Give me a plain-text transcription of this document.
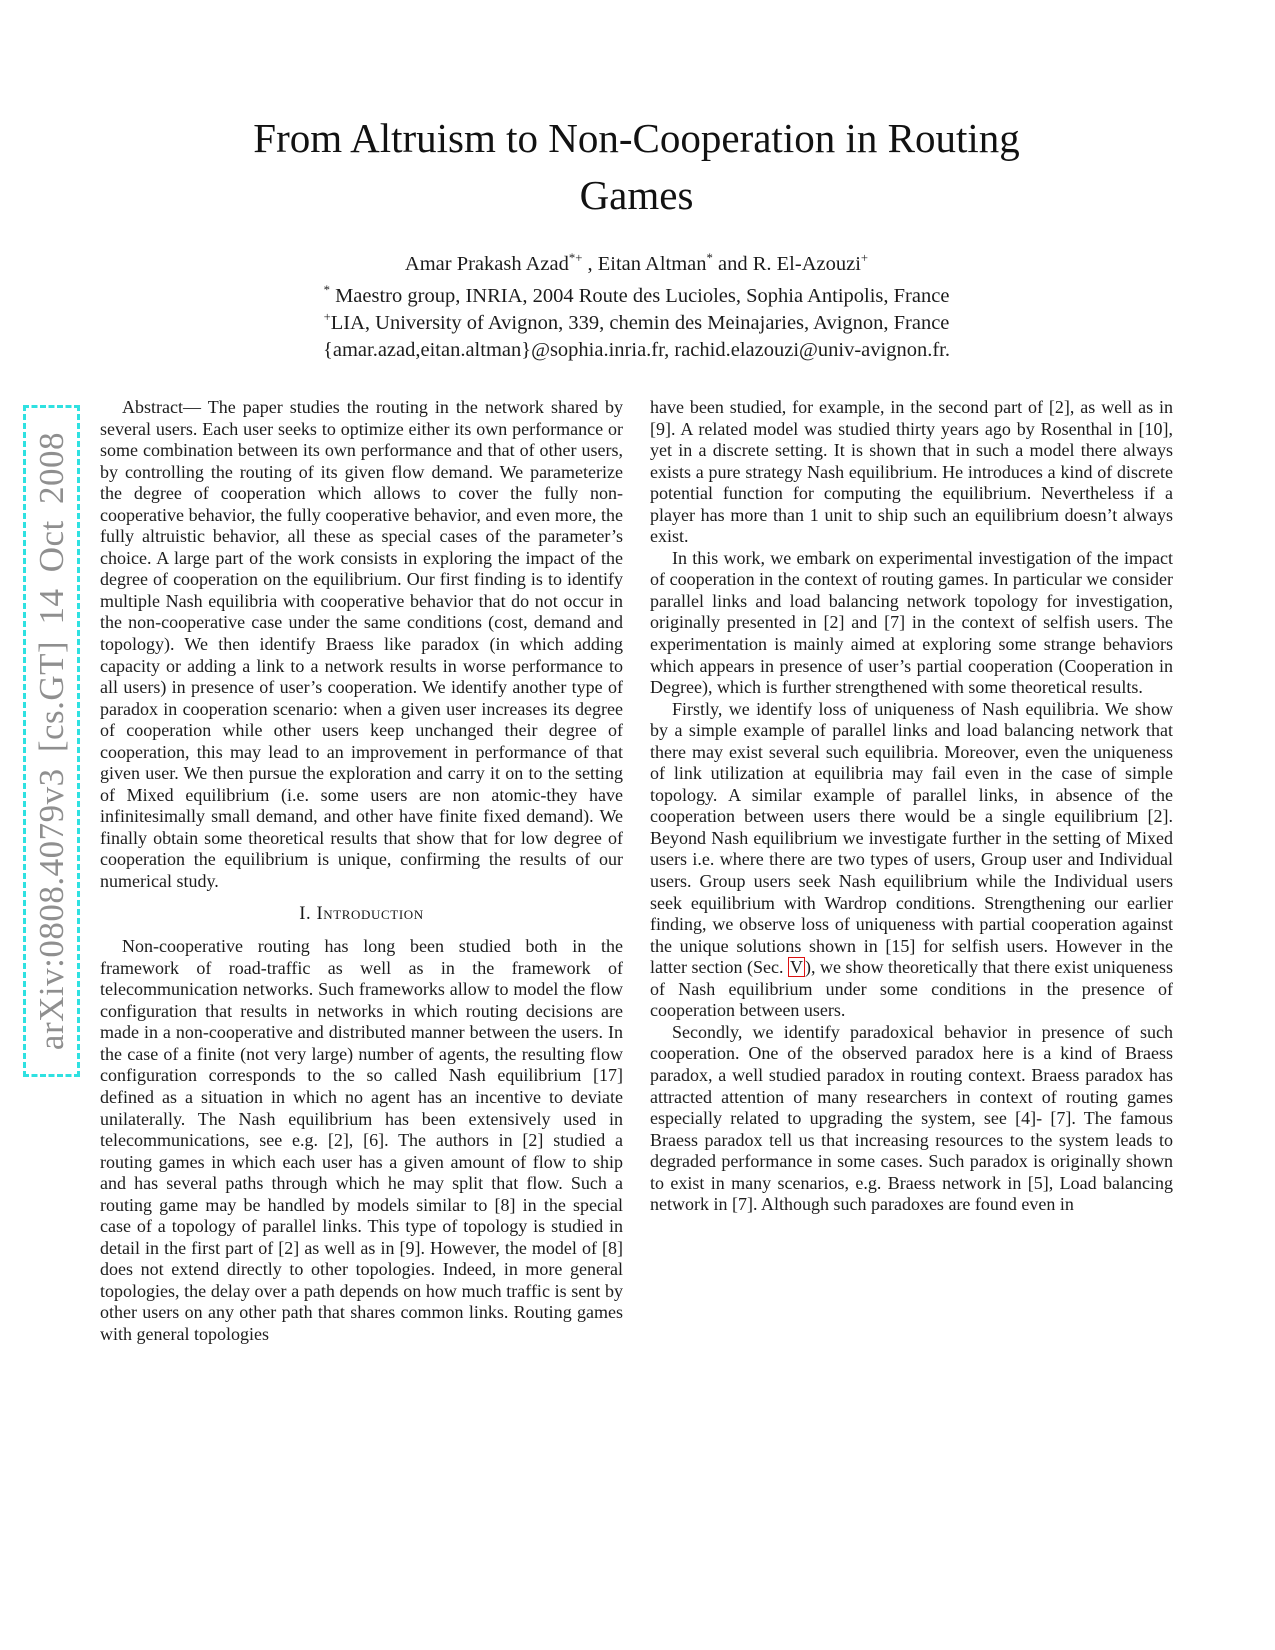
arXiv:0808.4079v3 [cs.GT] 14 Oct 2008
From Altruism to Non-Cooperation in Routing
Games
Amar Prakash Azad*+ , Eitan Altman* and R. El-Azouzi+
* Maestro group, INRIA, 2004 Route des Lucioles, Sophia Antipolis, France
+LIA, University of Avignon, 339, chemin des Meinajaries, Avignon, France
{amar.azad,eitan.altman}@sophia.inria.fr, rachid.elazouzi@univ-avignon.fr.

Abstract— The paper studies the routing in the network shared by several users. Each user seeks to optimize either its own performance or some combination between its own performance and that of other users, by controlling the routing of its given flow demand. We parameterize the degree of cooperation which allows to cover the fully non-cooperative behavior, the fully cooperative behavior, and even more, the fully altruistic behavior, all these as special cases of the parameter’s choice. A large part of the work consists in exploring the impact of the degree of cooperation on the equilibrium. Our first finding is to identify multiple Nash equilibria with cooperative behavior that do not occur in the non-cooperative case under the same conditions (cost, demand and topology). We then identify Braess like paradox (in which adding capacity or adding a link to a network results in worse performance to all users) in presence of user’s cooperation. We identify another type of paradox in cooperation scenario: when a given user increases its degree of cooperation while other users keep unchanged their degree of cooperation, this may lead to an improvement in performance of that given user. We then pursue the exploration and carry it on to the setting of Mixed equilibrium (i.e. some users are non atomic-they have infinitesimally small demand, and other have finite fixed demand). We finally obtain some theoretical results that show that for low degree of cooperation the equilibrium is unique, confirming the results of our numerical study.

I. Introduction

Non-cooperative routing has long been studied both in the framework of road-traffic as well as in the framework of telecommunication networks. Such frameworks allow to model the flow configuration that results in networks in which routing decisions are made in a non-cooperative and distributed manner between the users. In the case of a finite (not very large) number of agents, the resulting flow configuration corresponds to the so called Nash equilibrium [17] defined as a situation in which no agent has an incentive to deviate unilaterally. The Nash equilibrium has been extensively used in telecommunications, see e.g. [2], [6]. The authors in [2] studied a routing games in which each user has a given amount of flow to ship and has several paths through which he may split that flow. Such a routing game may be handled by models similar to [8] in the special case of a topology of parallel links. This type of topology is studied in detail in the first part of [2] as well as in [9]. However, the model of [8] does not extend directly to other topologies. Indeed, in more general topologies, the delay over a path depends on how much traffic is sent by other users on any other path that shares common links. Routing games with general topologies

have been studied, for example, in the second part of [2], as well as in [9]. A related model was studied thirty years ago by Rosenthal in [10], yet in a discrete setting. It is shown that in such a model there always exists a pure strategy Nash equilibrium. He introduces a kind of discrete potential function for computing the equilibrium. Nevertheless if a player has more than 1 unit to ship such an equilibrium doesn’t always exist.

In this work, we embark on experimental investigation of the impact of cooperation in the context of routing games. In particular we consider parallel links and load balancing network topology for investigation, originally presented in [2] and [7] in the context of selfish users. The experimentation is mainly aimed at exploring some strange behaviors which appears in presence of user’s partial cooperation (Cooperation in Degree), which is further strengthened with some theoretical results.

Firstly, we identify loss of uniqueness of Nash equilibria. We show by a simple example of parallel links and load balancing network that there may exist several such equilibria. Moreover, even the uniqueness of link utilization at equilibria may fail even in the case of simple topology. A similar example of parallel links, in absence of the cooperation between users there would be a single equilibrium [2]. Beyond Nash equilibrium we investigate further in the setting of Mixed users i.e. where there are two types of users, Group user and Individual users. Group users seek Nash equilibrium while the Individual users seek equilibrium with Wardrop conditions. Strengthening our earlier finding, we observe loss of uniqueness with partial cooperation against the unique solutions shown in [15] for selfish users. However in the latter section (Sec. V ), we show theoretically that there exist uniqueness of Nash equilibrium under some conditions in the presence of cooperation between users.

Secondly, we identify paradoxical behavior in presence of such cooperation. One of the observed paradox here is a kind of Braess paradox, a well studied paradox in routing context. Braess paradox has attracted attention of many researchers in context of routing games especially related to upgrading the system, see [4]- [7]. The famous Braess paradox tell us that increasing resources to the system leads to degraded performance in some cases. Such paradox is originally shown to exist in many scenarios, e.g. Braess network in [5], Load balancing network in [7]. Although such paradoxes are found even in
